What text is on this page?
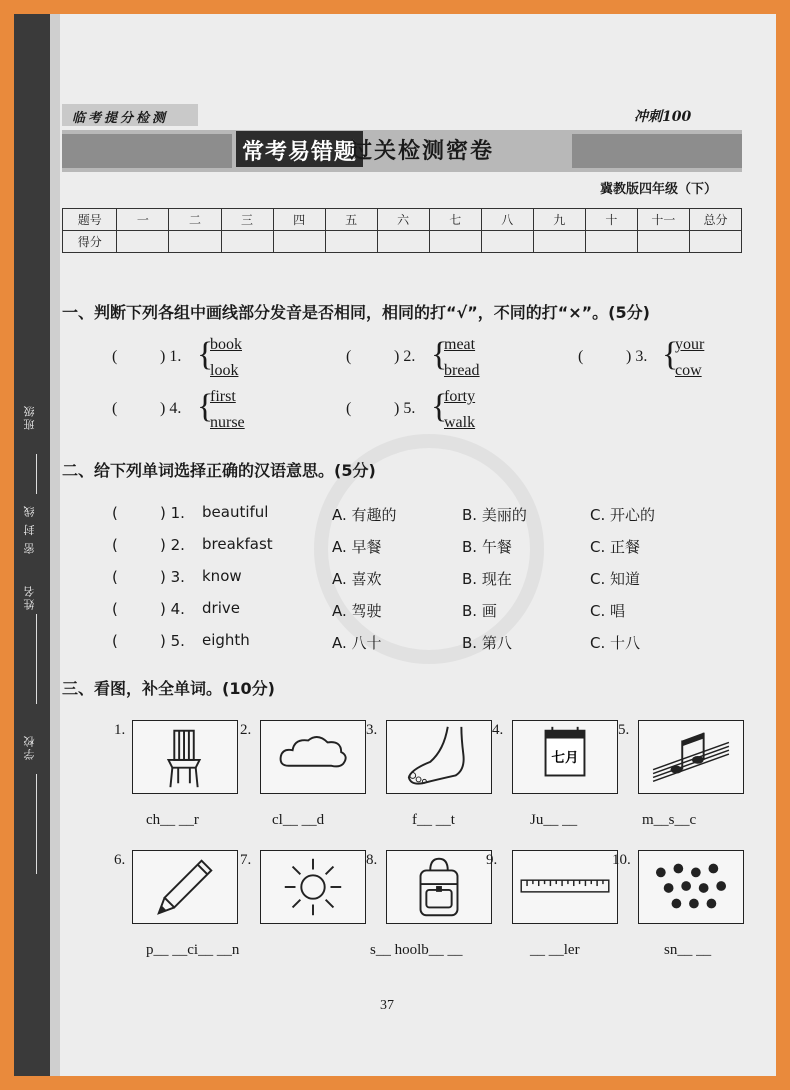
班级
密 封 线
姓名
学校
临考提分检测	冲刺100
常考易错题
过关检测密卷
冀教版四年级（下）
题号	一	二	三	四	五	六	七	八	九	十	十一	总分
得分												
一、判断下列各组中画线部分发音是否相同，相同的打“√”，不同的打“×”。(5分)
(	) 1. {
book
look
(	) 2. {
meat
bread
(	) 3. {
your
cow
(	) 4. {
first
nurse
(	) 5. {
forty
walk
二、给下列单词选择正确的汉语意思。(5分)
(	) 1. beautiful	A. 有趣的	B. 美丽的	C. 开心的
(	) 2. breakfast	A. 早餐	B. 午餐	C. 正餐
(	) 3. know	A. 喜欢	B. 现在	C. 知道
(	) 4. drive	A. 驾驶	B. 画	C. 唱
(	) 5. eighth	A. 八十	B. 第八	C. 十八
三、看图，补全单词。(10分)
1.	2.	3.	4.
七月
5.
ch__ __r	cl__ __d	f__ __t	Ju__ __	m__s__c
6.	7.	8.	9.	10.
p__ __ci__ __n	s__ hoolb__ __	__ __ler	sn__ __
37
